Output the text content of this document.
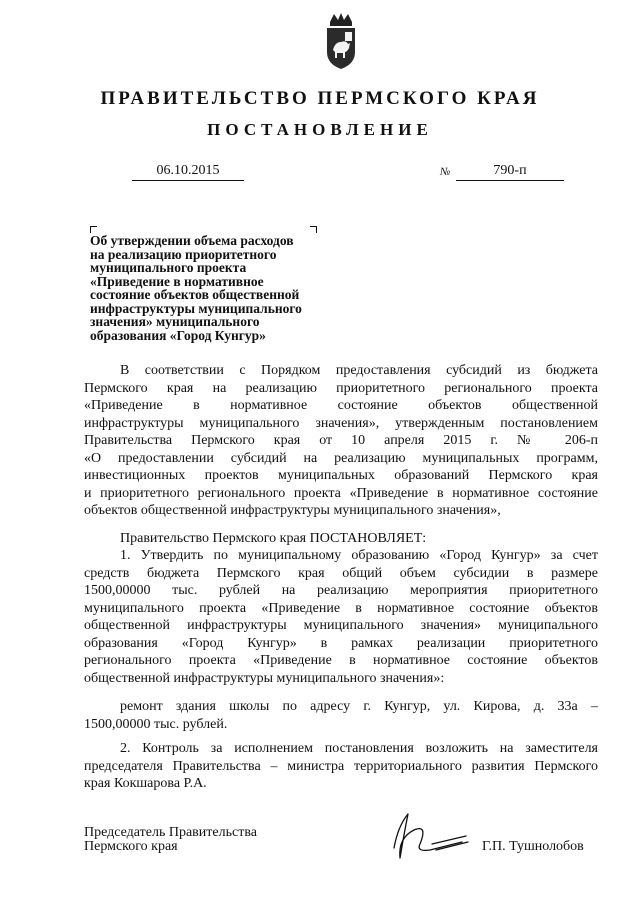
ПРАВИТЕЛЬСТВО ПЕРМСКОГО КРАЯ
ПОСТАНОВЛЕНИЕ
06.10.2015	№	790-п
Об утверждении объема расходов
на реализацию приоритетного
муниципального проекта
«Приведение в нормативное
состояние объектов общественной
инфраструктуры муниципального
значения» муниципального
образования «Город Кунгур»
В соответствии с Порядком предоставления субсидий из бюджета
Пермского края на реализацию приоритетного регионального проекта
«Приведение в нормативное состояние объектов общественной
инфраструктуры муниципального значения», утвержденным постановлением
Правительства Пермского края от 10 апреля 2015 г. № 206-п
«О предоставлении субсидий на реализацию муниципальных программ,
инвестиционных проектов муниципальных образований Пермского края
и приоритетного регионального проекта «Приведение в нормативное состояние
объектов общественной инфраструктуры муниципального значения»,
Правительство Пермского края ПОСТАНОВЛЯЕТ:
1. Утвердить по муниципальному образованию «Город Кунгур» за счет
средств бюджета Пермского края общий объем субсидии в размере
1500,00000 тыс. рублей на реализацию мероприятия приоритетного
муниципального проекта «Приведение в нормативное состояние объектов
общественной инфраструктуры муниципального значения» муниципального
образования «Город Кунгур» в рамках реализации приоритетного
регионального проекта «Приведение в нормативное состояние объектов
общественной инфраструктуры муниципального значения»:
ремонт здания школы по адресу г. Кунгур, ул. Кирова, д. 33а –
1500,00000 тыс. рублей.
2. Контроль за исполнением постановления возложить на заместителя
председателя Правительства – министра территориального развития Пермского
края Кокшарова Р.А.
Председатель Правительства
Пермского края	Г.П. Тушнолобов
